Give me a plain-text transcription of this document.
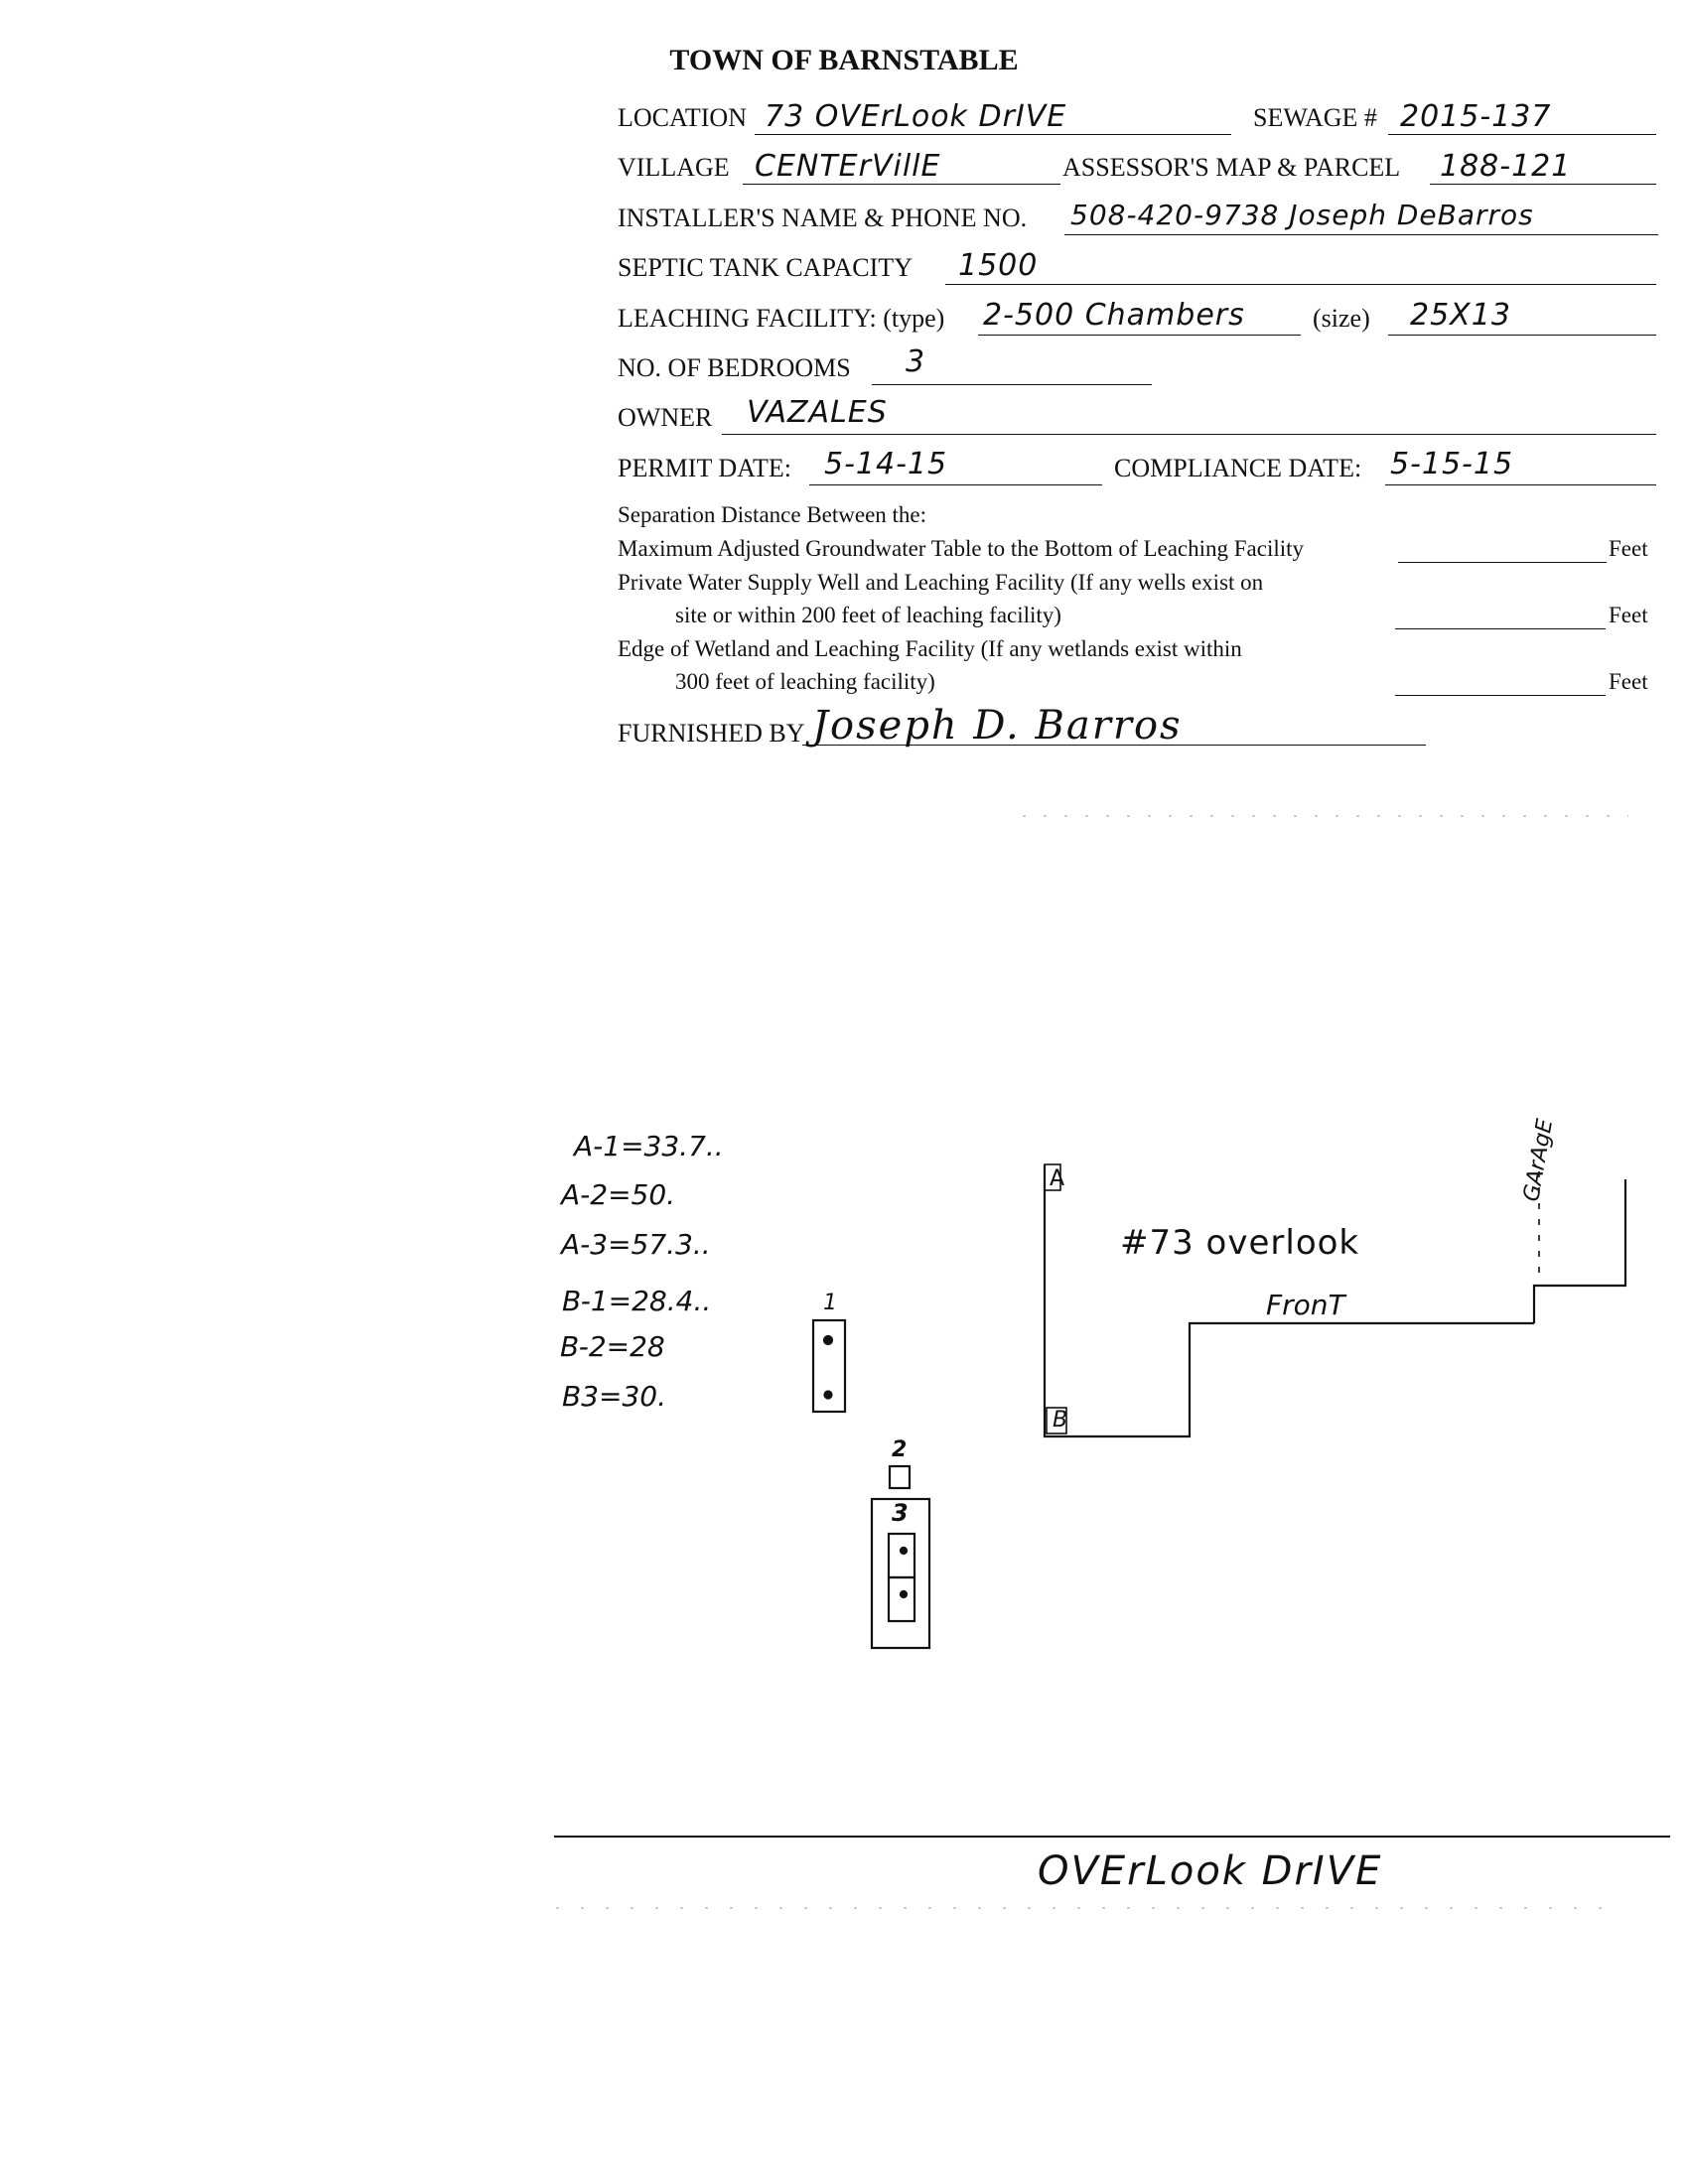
TOWN OF BARNSTABLE
LOCATION 73 OVErLook DrIVE	SEWAGE # 2015-137
VILLAGE CENTErVillE	ASSESSOR'S MAP & PARCEL 188-121
INSTALLER'S NAME & PHONE NO. 508-420-9738 Joseph DeBarros
SEPTIC TANK CAPACITY 1500
LEACHING FACILITY: (type) 2-500 Chambers	(size) 25X13
NO. OF BEDROOMS 3
OWNER VAZALES
PERMIT DATE: 5-14-15	COMPLIANCE DATE: 5-15-15
Separation Distance Between the:
Maximum Adjusted Groundwater Table to the Bottom of Leaching Facility	Feet
Private Water Supply Well and Leaching Facility (If any wells exist on
site or within 200 feet of leaching facility)	Feet
Edge of Wetland and Leaching Facility (If any wetlands exist within
300 feet of leaching facility)	Feet
FURNISHED BY Joseph D. Barros
A-1=33.7..
A-2=50.
A-3=57.3..
B-1=28.4..
B-2=28
B3=30.
A
B
#73 overlook
FronT
GArAgE
1
2
3
OVErLook DrIVE
